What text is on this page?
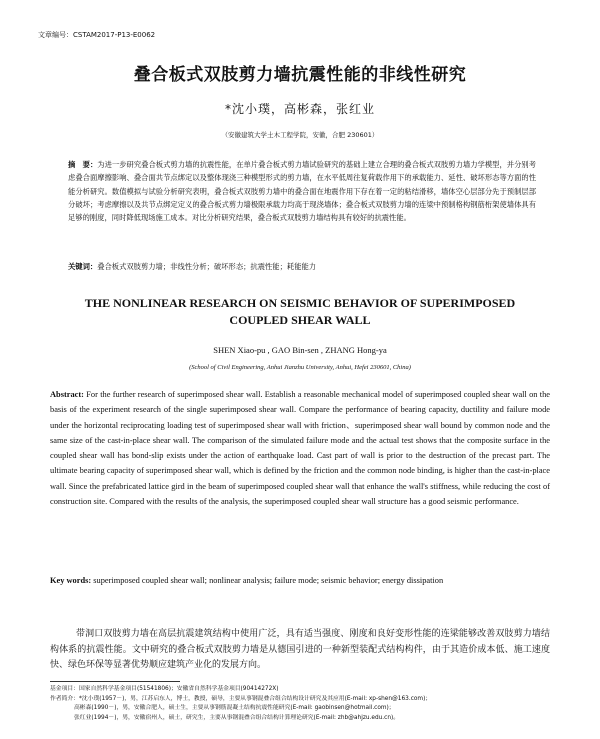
文章编号：CSTAM2017-P13-E0062
叠合板式双肢剪力墙抗震性能的非线性研究
*沈小璞，高彬森，张红业
（安徽建筑大学土木工程学院，安徽，合肥 230601）
摘　要：为进一步研究叠合板式剪力墙的抗震性能，在单片叠合板式剪力墙试验研究的基础上建立合理的叠合板式双肢剪力墙力学模型，并分别考虑叠合面摩擦影响、叠合面共节点绑定以及整体现浇三种模型形式的剪力墙，在水平低周往复荷载作用下的承载能力、延性、破坏形态等方面的性能分析研究。数值模拟与试验分析研究表明，叠合板式双肢剪力墙中的叠合面在地震作用下存在着一定的粘结滑移，墙体空心层部分先于预制层部分破坏；考虑摩擦以及共节点绑定定义的叠合板式剪力墙极限承载力均高于现浇墙体；叠合板式双肢剪力墙的连梁中预制格构钢筋桁架使墙体具有足够的刚度，同时降低现场施工成本。对比分析研究结果，叠合板式双肢剪力墙结构具有较好的抗震性能。
关键词：叠合板式双肢剪力墙；非线性分析；破坏形态；抗震性能；耗能能力
THE NONLINEAR RESEARCH ON SEISMIC BEHAVIOR OF SUPERIMPOSED
COUPLED SHEAR WALL
SHEN Xiao-pu , GAO Bin-sen , ZHANG Hong-ya
(School of Civil Engineering, Anhui Jianzhu University, Anhui, Hefei 230601, China)
Abstract: For the further research of superimposed shear wall. Establish a reasonable mechanical model of superimposed coupled shear wall on the basis of the experiment research of the single superimposed shear wall. Compare the performance of bearing capacity, ductility and failure mode under the horizontal reciprocating loading test of superimposed shear wall with friction、superimposed shear wall bound by common node and the same size of the cast-in-place shear wall. The comparison of the simulated failure mode and the actual test shows that the composite surface in the coupled shear wall has bond-slip exists under the action of earthquake load. Cast part of wall is prior to the destruction of the precast part. The ultimate bearing capacity of superimposed shear wall, which is defined by the friction and the common node binding, is higher than the cast-in-place wall. Since the prefabricated lattice gird in the beam of superimposed coupled shear wall that enhance the wall's stiffness, while reducing the cost of construction site. Compared with the results of the analysis, the superimposed coupled shear wall structure has a good seismic performance.
Key words: superimposed coupled shear wall; nonlinear analysis; failure mode; seismic behavior; energy dissipation
带洞口双肢剪力墙在高层抗震建筑结构中使用广泛，具有适当强度、刚度和良好变形性能的连梁能够改善双肢剪力墙结构体系的抗震性能。文中研究的叠合板式双肢剪力墙是从德国引进的一种新型装配式结构构件，由于其造价成本低、施工速度快、绿色环保等显著优势顺应建筑产业化的发展方向。
基金项目：国家自然科学基金项目(51541806)；安徽省自然科学基金项目(90414272X)
作者简介：*沈小璞(1957－)，男，江苏启东人，博士，教授，硕导，主要从事钢混叠合组合结构设计研究及其应用(E-mail: xp-shen@163.com)；
高彬森(1990－)，男，安徽合肥人，硕士生，主要从事钢筋混凝土结构抗震性能研究(E-mail: gaobinsen@hotmail.com)；
张红业(1994－)，男，安徽宿州人，硕士，研究生，主要从事钢混叠合组合结构计算理论研究(E-mail: zhb@ahjzu.edu.cn)。
